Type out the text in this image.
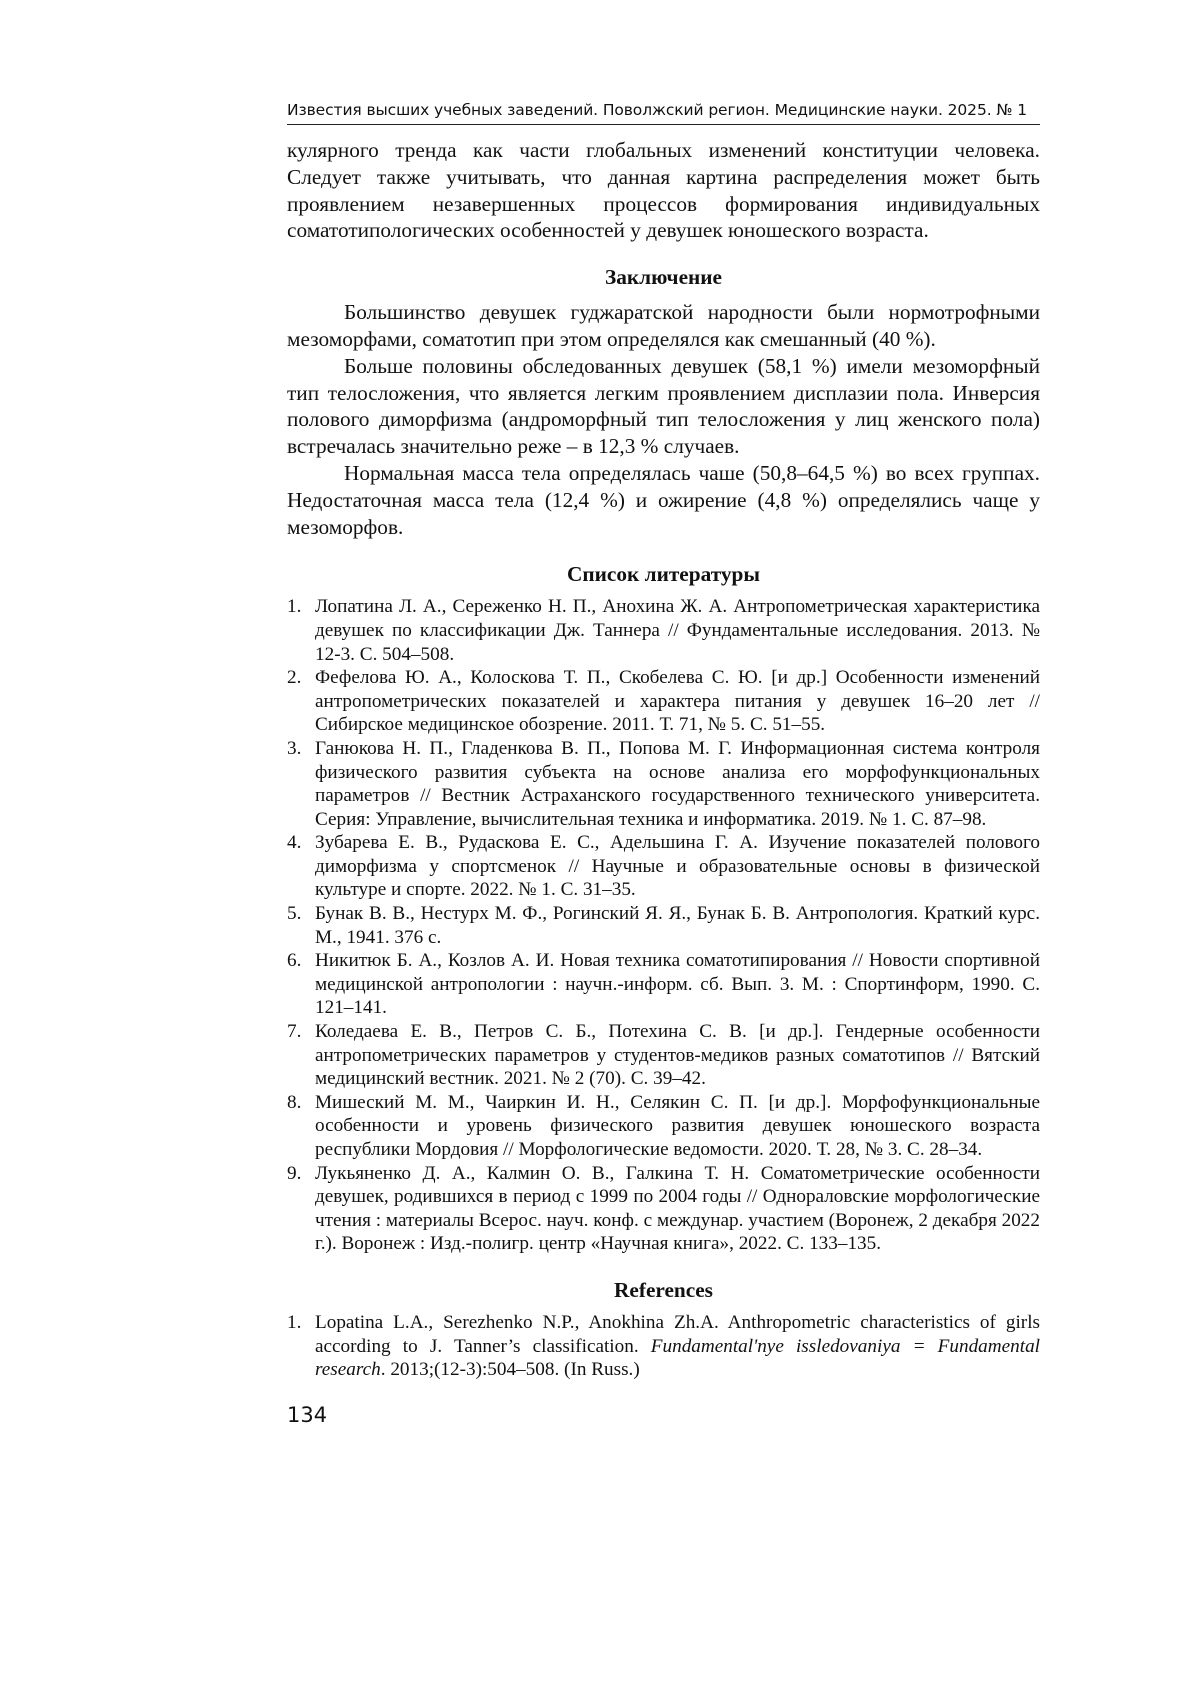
Известия высших учебных заведений. Поволжский регион. Медицинские науки. 2025. № 1

кулярного тренда как части глобальных изменений конституции человека. Следует также учитывать, что данная картина распределения может быть проявлением незавершенных процессов формирования индивидуальных соматотипологических особенностей у девушек юношеского возраста.

Заключение

Большинство девушек гуджаратской народности были нормотрофными мезоморфами, соматотип при этом определялся как смешанный (40 %).

Больше половины обследованных девушек (58,1 %) имели мезоморфный тип телосложения, что является легким проявлением дисплазии пола. Инверсия полового диморфизма (андроморфный тип телосложения у лиц женского пола) встречалась значительно реже – в 12,3 % случаев.

Нормальная масса тела определялась чаше (50,8–64,5 %) во всех группах. Недостаточная масса тела (12,4 %) и ожирение (4,8 %) определялись чаще у мезоморфов.

Список литературы
1. Лопатина Л. А., Сереженко Н. П., Анохина Ж. А. Антропометрическая характеристика девушек по классификации Дж. Таннера // Фундаментальные исследования. 2013. № 12-3. С. 504–508.
2. Фефелова Ю. А., Колоскова Т. П., Скобелева С. Ю. [и др.] Особенности изменений антропометрических показателей и характера питания у девушек 16–20 лет // Сибирское медицинское обозрение. 2011. Т. 71, № 5. С. 51–55.
3. Ганюкова Н. П., Гладенкова В. П., Попова М. Г. Информационная система контроля физического развития субъекта на основе анализа его морфофункциональных параметров // Вестник Астраханского государственного технического университета. Серия: Управление, вычислительная техника и информатика. 2019. № 1. С. 87–98.
4. Зубарева Е. В., Рудаскова Е. С., Адельшина Г. А. Изучение показателей полового диморфизма у спортсменок // Научные и образовательные основы в физической культуре и спорте. 2022. № 1. С. 31–35.
5. Бунак В. В., Нестурх М. Ф., Рогинский Я. Я., Бунак Б. В. Антропология. Краткий курс. М., 1941. 376 с.
6. Никитюк Б. А., Козлов А. И. Новая техника соматотипирования // Новости спортивной медицинской антропологии : научн.-информ. сб. Вып. 3. М. : Спортинформ, 1990. С. 121–141.
7. Коледаева Е. В., Петров С. Б., Потехина С. В. [и др.]. Гендерные особенности антропометрических параметров у студентов-медиков разных соматотипов // Вятский медицинский вестник. 2021. № 2 (70). С. 39–42.
8. Мишеский М. М., Чаиркин И. Н., Селякин С. П. [и др.]. Морфофункциональные особенности и уровень физического развития девушек юношеского возраста республики Мордовия // Морфологические ведомости. 2020. Т. 28, № 3. С. 28–34.
9. Лукьяненко Д. А., Калмин О. В., Галкина Т. Н. Соматометрические особенности девушек, родившихся в период с 1999 по 2004 годы // Однораловские морфологические чтения : материалы Всерос. науч. конф. с междунар. участием (Воронеж, 2 декабря 2022 г.). Воронеж : Изд.-полигр. центр «Научная книга», 2022. С. 133–135.
References
1. Lopatina L.A., Serezhenko N.P., Anokhina Zh.A. Anthropometric characteristics of girls according to J. Tanner’s classification. Fundamental'nye issledovaniya = Fundamental research. 2013;(12-3):504–508. (In Russ.)
134
